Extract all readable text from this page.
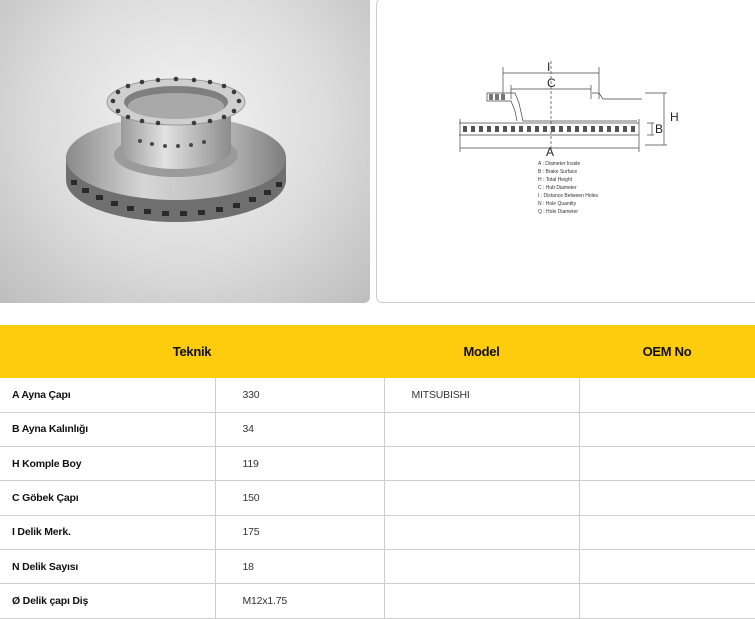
I
C
H
B
A
A : Diameter Inside
B : Brake Surface
H : Total Height
C : Hub Diameter
I : Distance Between Holes
N : Hole Quantity
Q : Hole Diameter
Teknik		Model	OEM No
A Ayna Çapı	330	MITSUBISHI	
B Ayna Kalınlığı	34		
H Komple Boy	119		
C Göbek Çapı	150		
I Delik Merk.	175		
N Delik Sayısı	18		
Ø Delik çapı Diş	M12x1.75		
